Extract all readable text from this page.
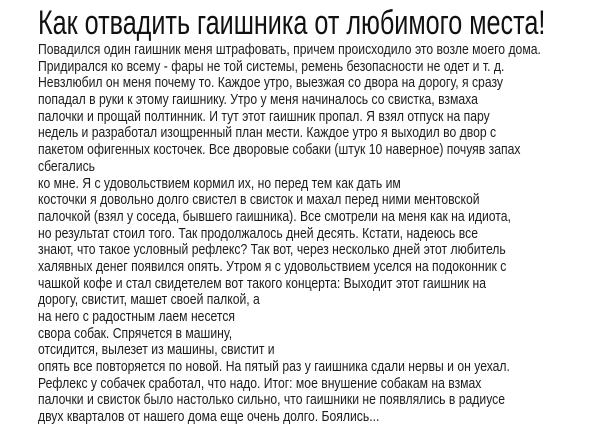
Как отвадить гаишника от любимого места!
Повадился один гаишник меня штрафовать, причем происходило это возле моего дома.
Придирался ко всему - фары не той системы, ремень безопасности не одет и т. д.
Невзлюбил он меня почему то. Каждое утро, выезжая со двора на дорогу, я сразу
попадал в руки к этому гаишнику. Утро у меня начиналось со свистка, взмаха
палочки и прощай полтинник. И тут этот гаишник пропал. Я взял отпуск на пару
недель и разработал изощренный план мести. Каждое утро я выходил во двор с
пакетом офигенных косточек. Все дворовые собаки (штук 10 наверное) почуяв запах
сбегались
ко мне. Я с удовольствием кормил их, но перед тем как дать им
косточки я довольно долго свистел в свисток и махал перед ними ментовской
палочкой (взял у соседа, бывшего гаишника). Все смотрели на меня как на идиота,
но результат стоил того. Так продолжалось дней десять. Кстати, надеюсь все
знают, что такое условный рефлекс? Так вот, через несколько дней этот любитель
халявных денег появился опять. Утром я с удовольствием уселся на подоконник с
чашкой кофе и стал свидетелем вот такого концерта: Выходит этот гаишник на
дорогу, свистит, машет своей палкой, а
на него с радостным лаем несется
свора собак. Спрячется в машину,
отсидится, вылезет из машины, свистит и
опять все повторяется по новой. На пятый раз у гаишника сдали нервы и он уехал.
Рефлекс у собачек сработал, что надо. Итог: мое внушение собакам на взмах
палочки и свисток было настолько сильно, что гаишники не появлялись в радиусе
двух кварталов от нашего дома еще очень долго. Боялись...
